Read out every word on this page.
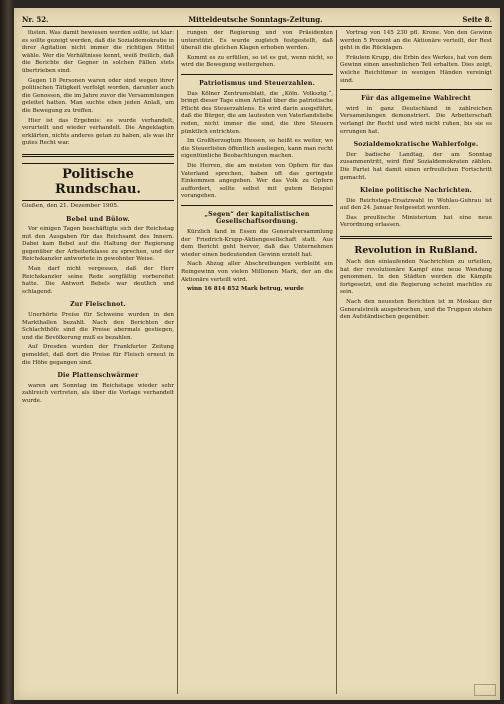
Nr. 52.	Mitteldeutsche Sonntags-Zeitung.	Seite 8.

lüsten. Was damit bewiesen werden sollte, ist klar: es sollte gezeigt werden, daß die Sozialdemokratie in ihrer Agitation nicht immer die richtigen Mittel wähle. Wer die Verhältnisse kennt, weiß freilich, daß die Berichte der Gegner in solchen Fällen stets übertrieben sind.

Gegen 18 Personen waren oder sind wegen ihrer politischen Tätigkeit verfolgt worden, darunter auch die Genossen, die im Jahre zuvor die Versammlungen geleitet hatten. Man suchte eben jeden Anlaß, um die Bewegung zu treffen.

Hier ist das Ergebnis: es wurde verhandelt, verurteilt und wieder verhandelt. Die Angeklagten erklärten, nichts anderes getan zu haben, als was ihr gutes Recht war.

Politische Rundschau.
Gießen, den 21. Dezember 1905.
Bebel und Bülow.

Vor einigen Tagen beschäftigte sich der Reichstag mit den Ausgaben für das Reichsamt des Innern. Dabei kam Bebel auf die Haltung der Regierung gegenüber der Arbeiterklasse zu sprechen, und der Reichskanzler antwortete in gewohnter Weise.

Man darf nicht vergessen, daß der Herr Reichskanzler seine Rede sorgfältig vorbereitet hatte. Die Antwort Bebels war deutlich und schlagend.

Zur Fleischnot.

Unerhörte Preise für Schweine wurden in den Markthallen bezahlt. Nach den Berichten der Schlachthöfe sind die Preise abermals gestiegen, und die Bevölkerung muß es bezahlen.

Auf Dresden wurden der Frankfurter Zeitung gemeldet, daß dort die Preise für Fleisch erneut in die Höhe gegangen sind.

Die Plattenschwärmer

waren am Sonntag im Reichstage wieder sehr zahlreich vertreten, als über die Vorlage verhandelt wurde.

rungen der Regierung und von Präsidenten unterstützt. Es wurde zugleich festgestellt, daß überall die gleichen Klagen erhoben werden.

Kommt es zu erfüllen, so ist es gut, wenn nicht, so wird die Bewegung weitergehen.

Patriotismus und Steuerzahlen.

Das Kölner Zentrumsblatt, die „Köln. Volksztg.“, bringt dieser Tage einen Artikel über die patriotische Pflicht des Steuerzahlens. Es wird darin ausgeführt, daß die Bürger, die am lautesten von Vaterlandsliebe reden, nicht immer die sind, die ihre Steuern pünktlich entrichten.

Im Großherzogtum Hessen, so heißt es weiter, wo die Steuerlisten öffentlich ausliegen, kann man recht eigentümliche Beobachtungen machen.

Die Herren, die am meisten von Opfern für das Vaterland sprechen, haben oft das geringste Einkommen angegeben. Wer das Volk zu Opfern auffordert, sollte selbst mit gutem Beispiel vorangehen.

„Segen“ der kapitalistischen Gesellschaftsordnung.

Kürzlich fand in Essen die Generalversammlung der Friedrich-Krupp-Aktiengesellschaft statt. Aus dem Bericht geht hervor, daß das Unternehmen wieder einen bedeutenden Gewinn erzielt hat.

Nach Abzug aller Abschreibungen verbleibt ein Reingewinn von vielen Millionen Mark, der an die Aktionäre verteilt wird.

winn 16 814 852 Mark betrug, wurde

Vortrag von 145 230 pfl. Krone. Von den Gewinn werden 5 Prozent an die Aktionäre verteilt, der Rest geht in die Rücklagen.

Fräulein Krupp, die Erbin des Werkes, hat von dem Gewinn einen ansehnlichen Teil erhalten. Dies zeigt, welche Reichtümer in wenigen Händen vereinigt sind.

Für das allgemeine Wahlrecht

wird in ganz Deutschland in zahlreichen Versammlungen demonstriert. Die Arbeiterschaft verlangt ihr Recht und wird nicht ruhen, bis sie es errungen hat.

Sozialdemokratische Wahlerfolge.

Der badische Landtag, der am Sonntag zusammentritt, wird fünf Sozialdemokraten zählen. Die Partei hat damit einen erfreulichen Fortschritt gemacht.

Kleine politische Nachrichten.

Die Reichstags-Ersatzwahl in Wohlau-Guhrau ist auf den 24. Januar festgesetzt worden.

Das preußische Ministerium hat eine neue Verordnung erlassen.

Revolution in Rußland.

Nach den einlaufenden Nachrichten zu urteilen, hat der revolutionäre Kampf eine neue Wendung genommen. In den Städten werden die Kämpfe fortgesetzt, und die Regierung scheint machtlos zu sein.

Nach den neuesten Berichten ist in Moskau der Generalstreik ausgebrochen, und die Truppen stehen den Aufständischen gegenüber.
